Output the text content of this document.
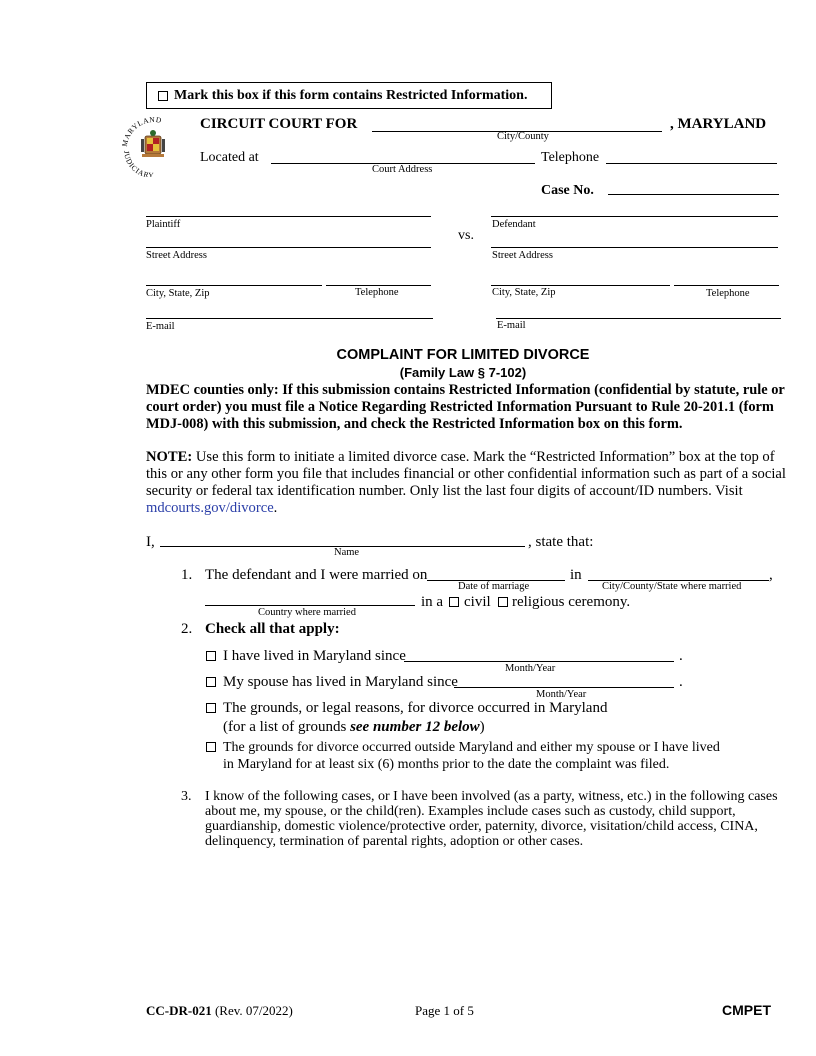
Mark this box if this form contains Restricted Information.
MARYLAND
JUDICIARY
CIRCUIT COURT FOR	, MARYLAND
City/County
Located at
Court Address
Telephone
Case No.
Plaintiff
Street Address
City, State, Zip	Telephone
E-mail
vs.
Defendant
Street Address
City, State, Zip	Telephone
E-mail
COMPLAINT FOR LIMITED DIVORCE
(Family Law § 7-102)
MDEC counties only: If this submission contains Restricted Information (confidential by statute, rule or court order) you must file a Notice Regarding Restricted Information Pursuant to Rule 20-201.1 (form MDJ-008) with this submission, and check the Restricted Information box on this form.
NOTE: Use this form to initiate a limited divorce case. Mark the “Restricted Information” box at the top of this or any other form you file that includes financial or other confidential information such as part of a social security or federal tax identification number. Only list the last four digits of account/ID numbers. Visit mdcourts.gov/divorce.
I,
Name
, state that:
1. The defendant and I were married on
Date of marriage
in	,
City/County/State where married
Country where married
in a civil religious ceremony.
2. Check all that apply:
I have lived in Maryland since	.
Month/Year
My spouse has lived in Maryland since	.
Month/Year
The grounds, or legal reasons, for divorce occurred in Maryland
(for a list of grounds see number 12 below)
The grounds for divorce occurred outside Maryland and either my spouse or I have lived
in Maryland for at least six (6) months prior to the date the complaint was filed.
3. I know of the following cases, or I have been involved (as a party, witness, etc.) in the following cases about me, my spouse, or the child(ren). Examples include cases such as custody, child support, guardianship, domestic violence/protective order, paternity, divorce, visitation/child access, CINA, delinquency, termination of parental rights, adoption or other cases.
CC-DR-021 (Rev. 07/2022)	Page 1 of 5	CMPET
